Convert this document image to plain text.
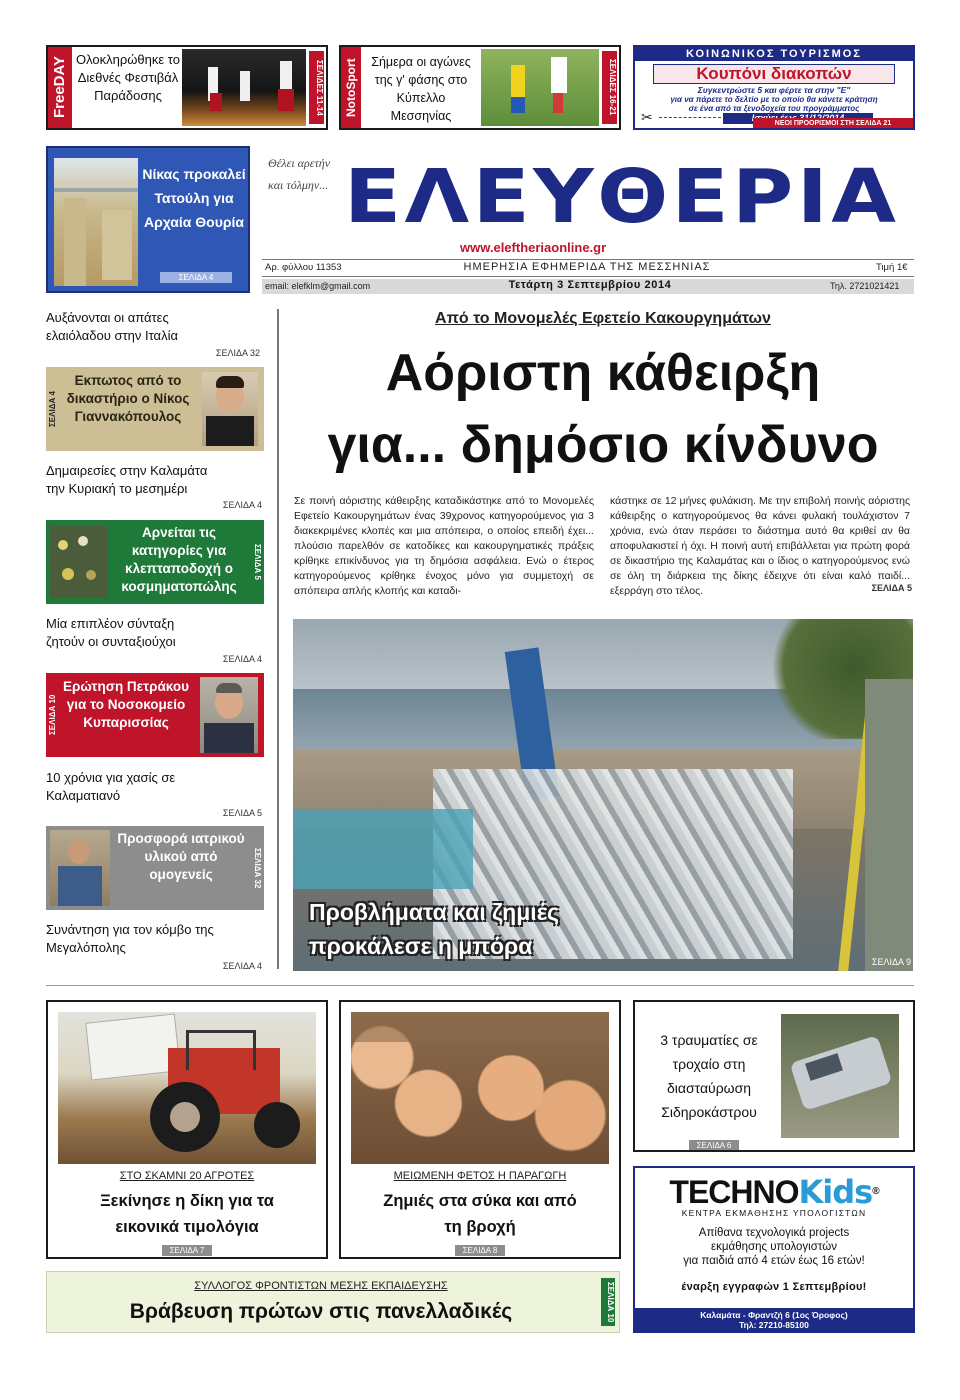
FreeDAY Ολοκληρώθηκε το Διεθνές Φεστιβάλ Παράδοσης	ΣΕΛΙΔΕΣ 11-14 NotoSport	Σήμερα οι αγώνες της γ' φάσης στο Κύπελλο Μεσσηνίας
ΣΕΛΙΔΕΣ 16-21
ΚΟΙΝΩΝΙΚΟΣ ΤΟΥΡΙΣΜΟΣ
Κουπόνι διακοπών
Συγκεντρώστε 5 και φέρτε τα στην "Ε"
για να πάρετε το δελτίο με το οποίο θα κάνετε κράτηση
σε ένα από τα ξενοδοχεία του προγράμματος
✂	ΝΕΟΙ ΠΡΟΟΡΙΣΜΟΙ ΣΤΗ ΣΕΛΙΔΑ 21
Νίκας προκαλεί Τατούλη για Αρχαία Θουρία
ΣΕΛΙΔΑ 4
Θέλει αρετήν και τόλμην... ΕΛΕΥΘΕΡΙΑ
www.eleftheriaonline.gr
Αρ. φύλλου 11353	ΗΜΕΡΗΣΙΑ ΕΦΗΜΕΡΙΔΑ ΤΗΣ ΜΕΣΣΗΝΙΑΣ	Τιμή 1€
email: elefklm@gmail.com	Τετάρτη 3 Σεπτεμβρίου 2014	Τηλ. 2721021421
Αυξάνονται οι απάτες ελαιόλαδου στην Ιταλία
ΣΕΛΙΔΑ 32
ΣΕΛΙΔΑ 4
Εκπωτος από το δικαστήριο ο Νίκος Γιαννακόπουλος
Δημαιρεσίες στην Καλαμάτα την Κυριακή το μεσημέρι
ΣΕΛΙΔΑ 4
Αρνείται τις κατηγορίες για κλεπταποδοχή ο κοσμηματοπώλης
ΣΕΛΙΔΑ 5
Μία επιπλέον σύνταξη ζητούν οι συνταξιούχοι
ΣΕΛΙΔΑ 4
ΣΕΛΙΔΑ 10
Ερώτηση Πετράκου για το Νοσοκομείο Κυπαρισσίας
10 χρόνια για χασίς σε Καλαματιανό
ΣΕΛΙΔΑ 5
Προσφορά ιατρικού υλικού από ομογενείς	ΣΕΛΙΔΑ 32
Συνάντηση για τον κόμβο της Μεγαλόπολης
ΣΕΛΙΔΑ 4
Από το Μονομελές Εφετείο Κακουργημάτων
Αόριστη κάθειρξη
για... δημόσιο κίνδυνο
Σε ποινή αόριστης κάθειρξης καταδικάστηκε από το Μονομελές Εφετείο Κακουργημάτων ένας 39χρονος κατηγορούμενος για 3 διακεκριμένες κλοπές και μια απόπειρα, ο οποίος επειδή έχει... πλούσιο παρελθόν σε κατοδίκες και κακουργηματικές πράξεις κρίθηκε επικίνδυνος για τη δημόσια ασφάλεια. Ενώ ο έτερος κατηγορούμενος κρίθηκε ένοχος μόνο για συμμετοχή σε απόπειρα απλής κλοπής και καταδι-
κάστηκε σε 12 μήνες φυλάκιση. Με την επιβολή ποινής αόριστης κάθειρξης ο κατηγορούμενος θα κάνει φυλακή τουλάχιστον 7 χρόνια, ενώ όταν περάσει το διάστημα αυτό θα κριθεί αν θα αποφυλακιστεί ή όχι. Η ποινή αυτή επιβάλλεται για πρώτη φορά σε δικαστήριο της Καλαμάτας και ο ίδιος ο κατηγορούμενος ενώ σε όλη τη διάρκεια της δίκης έδειχνε ότι είναι καλό παιδί... εξερράγη στο τέλος.	ΣΕΛΙΔΑ 5
Προβλήματα και ζημιές προκάλεσε η μπόρα
ΣΕΛΙΔΑ 9
ΣΤΟ ΣΚΑΜΝΙ 20 ΑΓΡΟΤΕΣ
Ξεκίνησε η δίκη για τα εικονικά τιμολόγια
ΣΕΛΙΔΑ 7
ΜΕΙΩΜΕΝΗ ΦΕΤΟΣ Η ΠΑΡΑΓΩΓΗ
Ζημιές στα σύκα και από τη βροχή
ΣΕΛΙΔΑ 8
3 τραυματίες σε τροχαίο στη διασταύρωση Σιδηροκάστρου
ΣΕΛΙΔΑ 6
TECHNOKids®
ΚΕΝΤΡΑ ΕΚΜΑΘΗΣΗΣ ΥΠΟΛΟΓΙΣΤΩΝ
Απίθανα τεχνολογικά projects
εκμάθησης υπολογιστών
για παιδιά από 4 ετών έως 16 ετών!
έναρξη εγγραφών 1 Σεπτεμβρίου!
Καλαμάτα - Φραντζή 6 (1ος Όροφος)
Τηλ: 27210-85100
ΣΥΛΛΟΓΟΣ ΦΡΟΝΤΙΣΤΩΝ ΜΕΣΗΣ ΕΚΠΑΙΔΕΥΣΗΣ
Βράβευση πρώτων στις πανελλαδικές	ΣΕΛΙΔΑ 10
